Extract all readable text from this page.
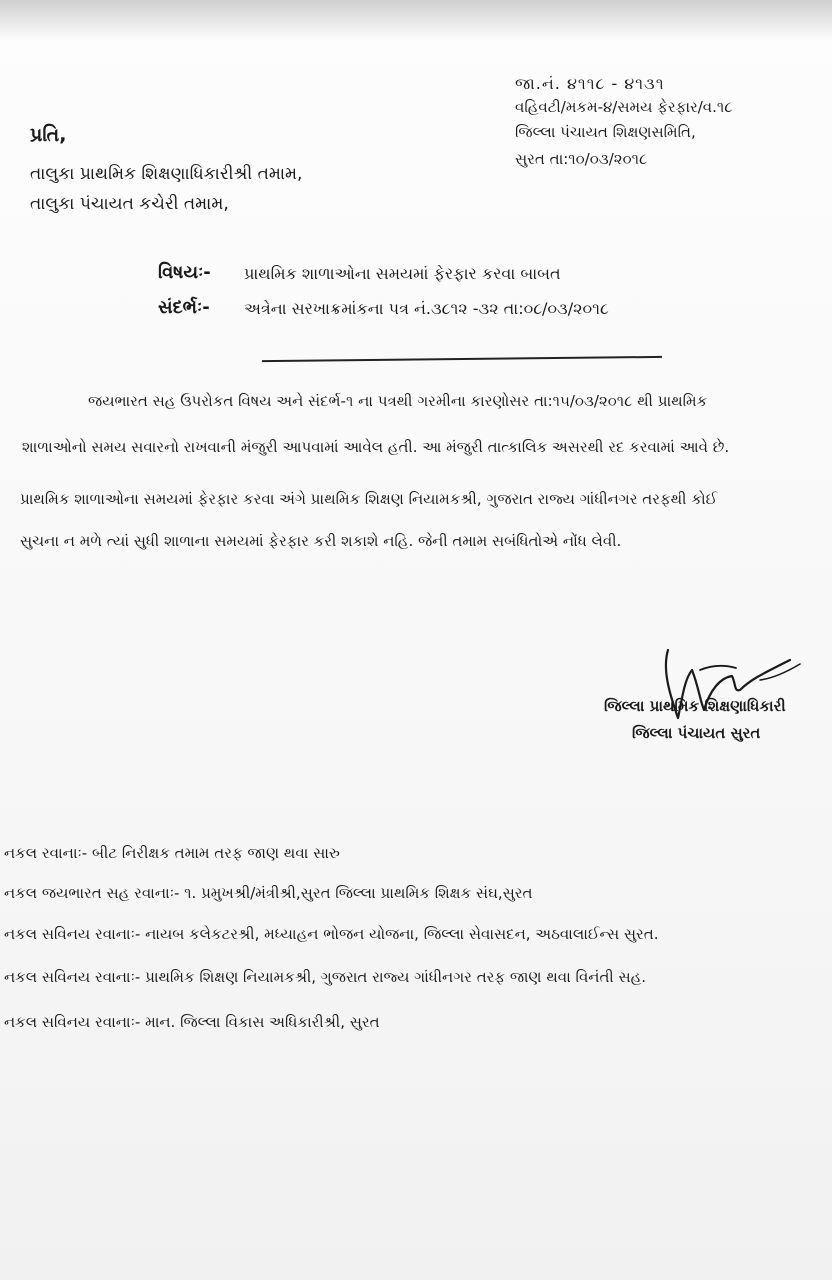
જા.નં. ૪૧૧૮ - ૪૧૩૧
વહિવટી/મકમ-૪/સમય ફેરફાર/વ.૧૮
જિલ્લા પંચાયત શિક્ષણસમિતિ,
સુરત તા:૧૦/૦૩/૨૦૧૮
પ્રતિ,
તાલુકા પ્રાથમિક શિક્ષણાધિકારીશ્રી તમામ,
તાલુકા પંચાયત કચેરી તમામ,
વિષયઃ- પ્રાથમિક શાળાઓના સમયમાં ફેરફાર કરવા બાબત
સંદર્ભઃ- અત્રેના સરખાક્રમાંકના પત્ર નં.૩૮૧૨ -૩૨ તા:૦૮/૦૩/૨૦૧૮
જયભારત સહ ઉપરોકત વિષય અને સંદર્ભ-૧ ના પત્રથી ગરમીના કારણોસર તા:૧૫/૦૩/૨૦૧૮ થી પ્રાથમિક
શાળાઓનો સમય સવારનો રાખવાની મંજુરી આપવામાં આવેલ હતી. આ મંજુરી તાત્કાલિક અસરથી રદ કરવામાં આવે છે.
પ્રાથમિક શાળાઓના સમયમાં ફેરફાર કરવા અંગે પ્રાથમિક શિક્ષણ નિયામકશ્રી, ગુજરાત રાજ્ય ગાંધીનગર તરફથી કોઈ
સુચના ન મળે ત્યાં સુધી શાળાના સમયમાં ફેરફાર કરી શકાશે નહિ. જેની તમામ સબંધિતોએ નોંધ લેવી.
જિલ્લા પ્રાથમિક શિક્ષણાધિકારી
જિલ્લા પંચાયત સુરત
નકલ રવાનાઃ- બીટ નિરીક્ષક તમામ તરફ જાણ થવા સારુ
નકલ જયભારત સહ રવાનાઃ- ૧. પ્રમુખશ્રી/મંત્રીશ્રી,સુરત જિલ્લા પ્રાથમિક શિક્ષક સંઘ,સુરત
નકલ સવિનય રવાનાઃ- નાયબ કલેકટરશ્રી, મધ્યાહન ભોજન યોજના, જિલ્લા સેવાસદન, અઠવાલાઈન્સ સુરત.
નકલ સવિનય રવાનાઃ- પ્રાથમિક શિક્ષણ નિયામકશ્રી, ગુજરાત રાજ્ય ગાંધીનગર તરફ જાણ થવા વિનંતી સહ.
નકલ સવિનય રવાનાઃ- માન. જિલ્લા વિકાસ અધિકારીશ્રી, સુરત
